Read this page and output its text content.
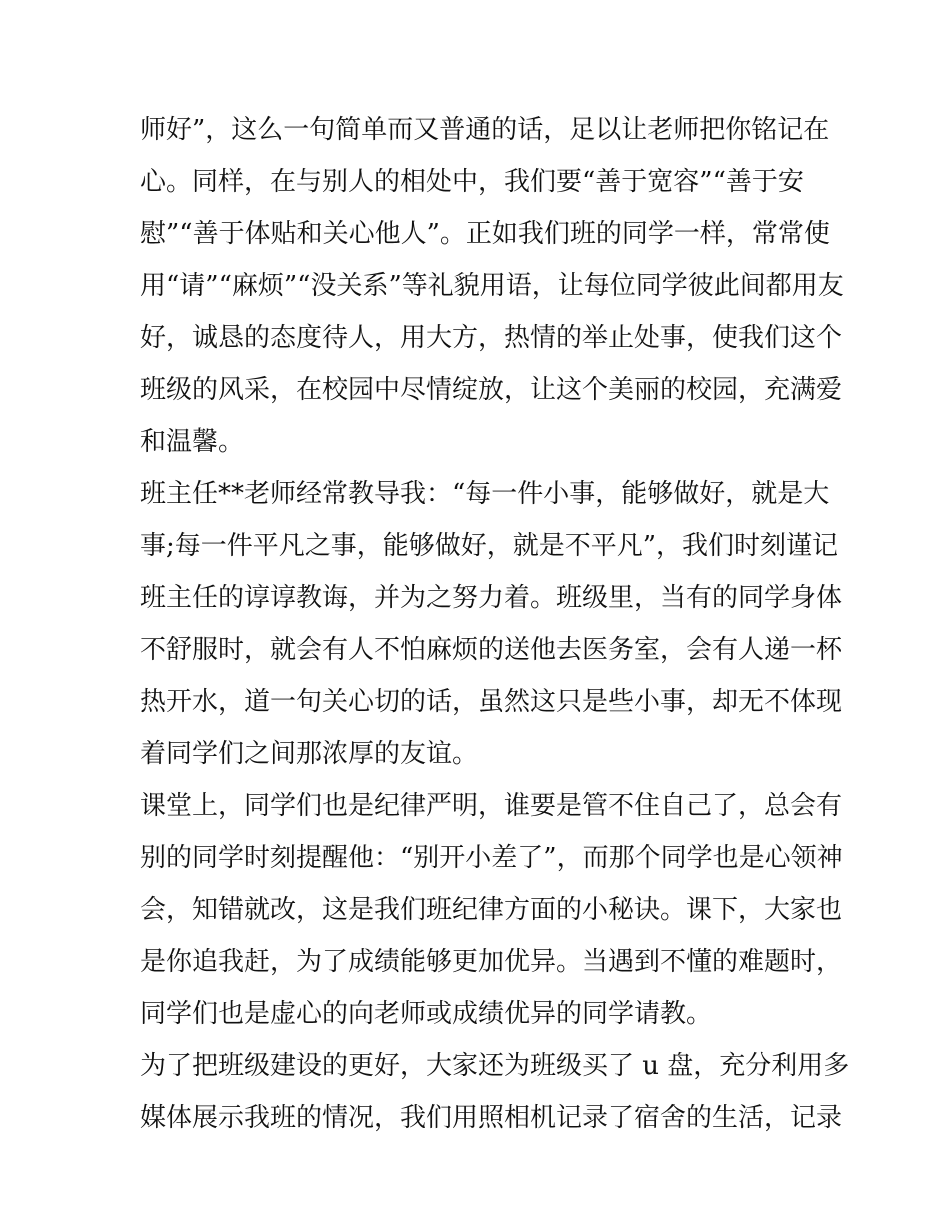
师好”，这么一句简单而又普通的话，足以让老师把你铭记在
心。同样，在与别人的相处中，我们要“善于宽容”“善于安
慰”“善于体贴和关心他人”。正如我们班的同学一样，常常使
用“请”“麻烦”“没关系”等礼貌用语，让每位同学彼此间都用友
好，诚恳的态度待人，用大方，热情的举止处事，使我们这个
班级的风采，在校园中尽情绽放，让这个美丽的校园，充满爱
和温馨。
班主任**老师经常教导我：“每一件小事，能够做好，就是大
事;每一件平凡之事，能够做好，就是不平凡”，我们时刻谨记
班主任的谆谆教诲，并为之努力着。班级里，当有的同学身体
不舒服时，就会有人不怕麻烦的送他去医务室，会有人递一杯
热开水，道一句关心切的话，虽然这只是些小事，却无不体现
着同学们之间那浓厚的友谊。
课堂上，同学们也是纪律严明，谁要是管不住自己了，总会有
别的同学时刻提醒他：“别开小差了”，而那个同学也是心领神
会，知错就改，这是我们班纪律方面的小秘诀。课下，大家也
是你追我赶，为了成绩能够更加优异。当遇到不懂的难题时，
同学们也是虚心的向老师或成绩优异的同学请教。
为了把班级建设的更好，大家还为班级买了 u 盘，充分利用多
媒体展示我班的情况，我们用照相机记录了宿舍的生活，记录
